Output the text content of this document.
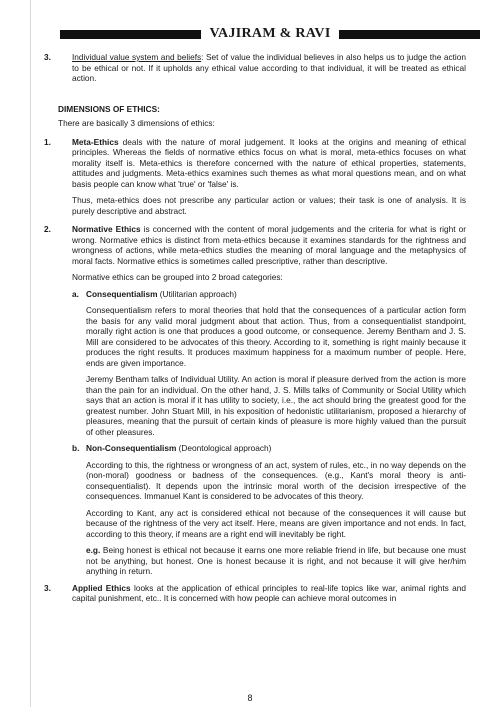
VAJIRAM & RAVI

3.	Individual value system and beliefs: Set of value the individual believes in also helps us to judge the action to be ethical or not. If it upholds any ethical value according to that individual, it will be treated as ethical action.

DIMENSIONS OF ETHICS:

There are basically 3 dimensions of ethics:

1.	Meta-Ethics deals with the nature of moral judgement. It looks at the origins and meaning of ethical principles. Whereas the fields of normative ethics focus on what is moral, meta-ethics focuses on what morality itself is. Meta-ethics is therefore concerned with the nature of ethical properties, statements, attitudes and judgments. Meta-ethics examines such themes as what moral questions mean, and on what basis people can know what 'true' or 'false' is.

Thus, meta-ethics does not prescribe any particular action or values; their task is one of analysis. It is purely descriptive and abstract.

2.	Normative Ethics is concerned with the content of moral judgements and the criteria for what is right or wrong. Normative ethics is distinct from meta-ethics because it examines standards for the rightness and wrongness of actions, while meta-ethics studies the meaning of moral language and the metaphysics of moral facts. Normative ethics is sometimes called prescriptive, rather than descriptive.

Normative ethics can be grouped into 2 broad categories:

a. Consequentialism (Utilitarian approach)

Consequentialism refers to moral theories that hold that the consequences of a particular action form the basis for any valid moral judgment about that action. Thus, from a consequentialist standpoint, morally right action is one that produces a good outcome, or consequence. Jeremy Bentham and J. S. Mill are considered to be advocates of this theory. According to it, something is right mainly because it produces the right results. It produces maximum happiness for a maximum number of people. Here, ends are given importance.

Jeremy Bentham talks of Individual Utility. An action is moral if pleasure derived from the action is more than the pain for an individual. On the other hand, J. S. Mills talks of Community or Social Utility which says that an action is moral if it has utility to society, i.e., the act should bring the greatest good for the greatest number. John Stuart Mill, in his exposition of hedonistic utilitarianism, proposed a hierarchy of pleasures, meaning that the pursuit of certain kinds of pleasure is more highly valued than the pursuit of other pleasures.

b. Non-Consequentialism (Deontological approach)

According to this, the rightness or wrongness of an act, system of rules, etc., in no way depends on the (non-moral) goodness or badness of the consequences. (e.g., Kant's moral theory is anti-consequentialist). It depends upon the intrinsic moral worth of the decision irrespective of the consequences. Immanuel Kant is considered to be advocates of this theory.

According to Kant, any act is considered ethical not because of the consequences it will cause but because of the rightness of the very act itself. Here, means are given importance and not ends. In fact, according to this theory, if means are a right end will inevitably be right.

e.g. Being honest is ethical not because it earns one more reliable friend in life, but because one must not be anything, but honest. One is honest because it is right, and not because it will give her/him anything in return.

3.	Applied Ethics looks at the application of ethical principles to real-life topics like war, animal rights and capital punishment, etc.. It is concerned with how people can achieve moral outcomes in

8
